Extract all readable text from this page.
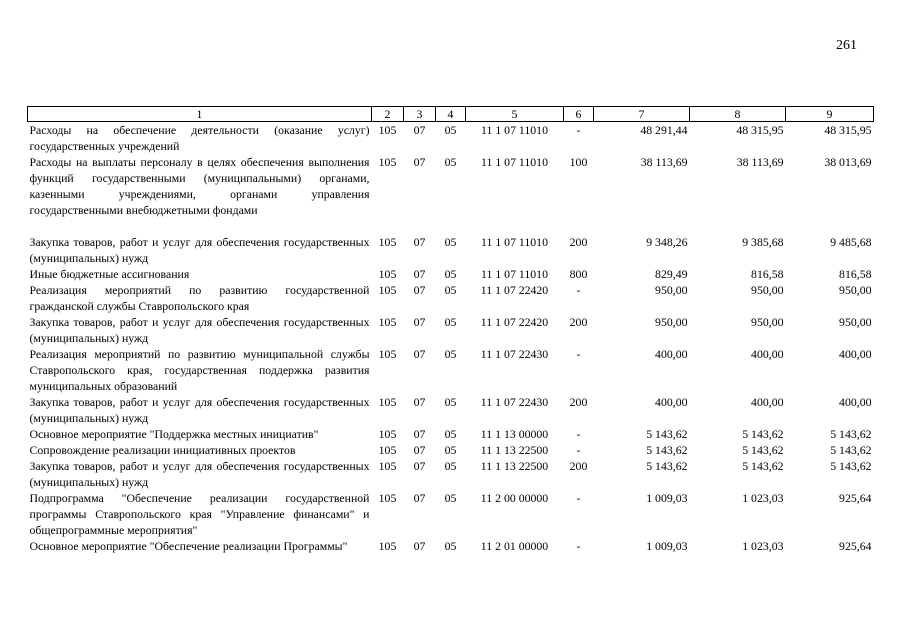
261
1	2	3	4	5	6	7	8	9
Расходы на обеспечение деятельности (оказание услуг) государственных учреждений	105	07	05	11 1 07 11010	-	48 291,44	48 315,95	48 315,95
Расходы на выплаты персоналу в целях обеспечения выполнения функций государственными (муниципальными) органами, казенными учреждениями, органами управления государственными внебюджетными фондами	105	07	05	11 1 07 11010	100	38 113,69	38 113,69	38 013,69
Закупка товаров, работ и услуг для обеспечения государственных (муниципальных) нужд	105	07	05	11 1 07 11010	200	9 348,26	9 385,68	9 485,68
Иные бюджетные ассигнования	105	07	05	11 1 07 11010	800	829,49	816,58	816,58
Реализация мероприятий по развитию государственной гражданской службы Ставропольского края	105	07	05	11 1 07 22420	-	950,00	950,00	950,00
Закупка товаров, работ и услуг для обеспечения государственных (муниципальных) нужд	105	07	05	11 1 07 22420	200	950,00	950,00	950,00
Реализация мероприятий по развитию муниципальной службы Ставропольского края, государственная поддержка развития муниципальных образований	105	07	05	11 1 07 22430	-	400,00	400,00	400,00
Закупка товаров, работ и услуг для обеспечения государственных (муниципальных) нужд	105	07	05	11 1 07 22430	200	400,00	400,00	400,00
Основное мероприятие "Поддержка местных инициатив"	105	07	05	11 1 13 00000	-	5 143,62	5 143,62	5 143,62
Сопровождение реализации инициативных проектов	105	07	05	11 1 13 22500	-	5 143,62	5 143,62	5 143,62
Закупка товаров, работ и услуг для обеспечения государственных (муниципальных) нужд	105	07	05	11 1 13 22500	200	5 143,62	5 143,62	5 143,62
Подпрограмма "Обеспечение реализации государственной программы Ставропольского края "Управление финансами" и общепрограммные мероприятия"	105	07	05	11 2 00 00000	-	1 009,03	1 023,03	925,64
Основное мероприятие "Обеспечение реализации Программы"	105	07	05	11 2 01 00000	-	1 009,03	1 023,03	925,64
